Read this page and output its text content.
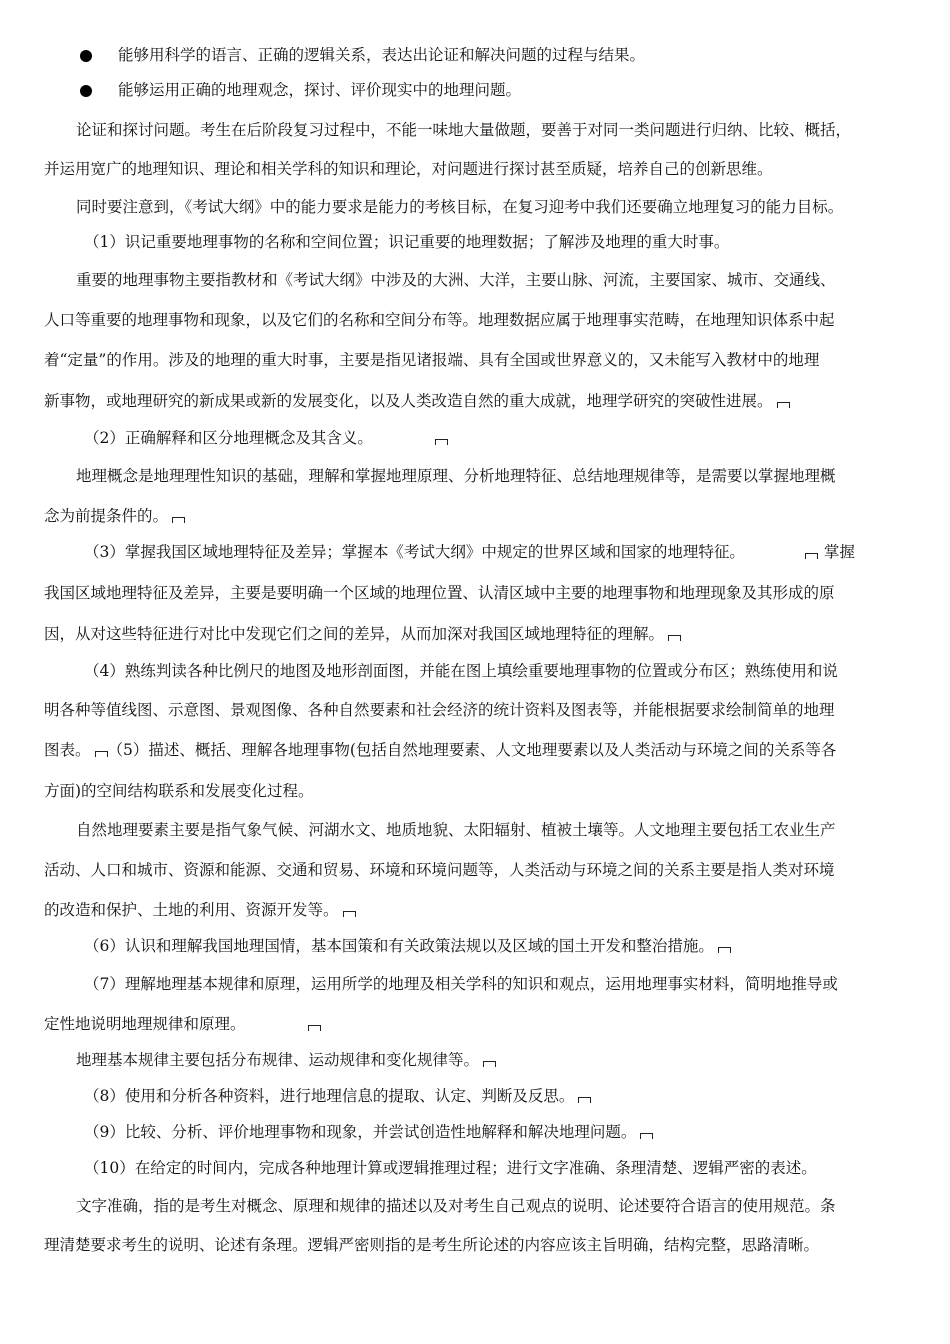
能够用科学的语言、正确的逻辑关系，表达出论证和解决问题的过程与结果。
能够运用正确的地理观念，探讨、评价现实中的地理问题。
论证和探讨问题。考生在后阶段复习过程中，不能一味地大量做题，要善于对同一类问题进行归纳、比较、概括，
并运用宽广的地理知识、理论和相关学科的知识和理论，对问题进行探讨甚至质疑，培养自己的创新思维。
同时要注意到，《考试大纲》中的能力要求是能力的考核目标，在复习迎考中我们还要确立地理复习的能力目标。
（1）识记重要地理事物的名称和空间位置；识记重要的地理数据；了解涉及地理的重大时事。
重要的地理事物主要指教材和《考试大纲》中涉及的大洲、大洋，主要山脉、河流，主要国家、城市、交通线、
人口等重要的地理事物和现象，以及它们的名称和空间分布等。地理数据应属于地理事实范畴，在地理知识体系中起
着“定量”的作用。涉及的地理的重大时事，主要是指见诸报端、具有全国或世界意义的，又未能写入教材中的地理
新事物，或地理研究的新成果或新的发展变化，以及人类改造自然的重大成就，地理学研究的突破性进展。
（2）正确解释和区分地理概念及其含义。
地理概念是地理理性知识的基础，理解和掌握地理原理、分析地理特征、总结地理规律等，是需要以掌握地理概
念为前提条件的。
（3）掌握我国区域地理特征及差异；掌握本《考试大纲》中规定的世界区域和国家的地理特征。	掌握
我国区域地理特征及差异，主要是要明确一个区域的地理位置、认清区域中主要的地理事物和地理现象及其形成的原
因，从对这些特征进行对比中发现它们之间的差异，从而加深对我国区域地理特征的理解。
（4）熟练判读各种比例尺的地图及地形剖面图，并能在图上填绘重要地理事物的位置或分布区；熟练使用和说
明各种等值线图、示意图、景观图像、各种自然要素和社会经济的统计资料及图表等，并能根据要求绘制简单的地理
图表。 （5）描述、概括、理解各地理事物(包括自然地理要素、人文地理要素以及人类活动与环境之间的关系等各
方面)的空间结构联系和发展变化过程。
自然地理要素主要是指气象气候、河湖水文、地质地貌、太阳辐射、植被土壤等。人文地理主要包括工农业生产
活动、人口和城市、资源和能源、交通和贸易、环境和环境问题等，人类活动与环境之间的关系主要是指人类对环境
的改造和保护、土地的利用、资源开发等。
（6）认识和理解我国地理国情，基本国策和有关政策法规以及区域的国土开发和整治措施。
（7）理解地理基本规律和原理，运用所学的地理及相关学科的知识和观点，运用地理事实材料，简明地推导或
定性地说明地理规律和原理。
地理基本规律主要包括分布规律、运动规律和变化规律等。
（8）使用和分析各种资料，进行地理信息的提取、认定、判断及反思。
（9）比较、分析、评价地理事物和现象，并尝试创造性地解释和解决地理问题。
（10）在给定的时间内，完成各种地理计算或逻辑推理过程；进行文字准确、条理清楚、逻辑严密的表述。
文字准确，指的是考生对概念、原理和规律的描述以及对考生自己观点的说明、论述要符合语言的使用规范。条
理清楚要求考生的说明、论述有条理。逻辑严密则指的是考生所论述的内容应该主旨明确，结构完整，思路清晰。
